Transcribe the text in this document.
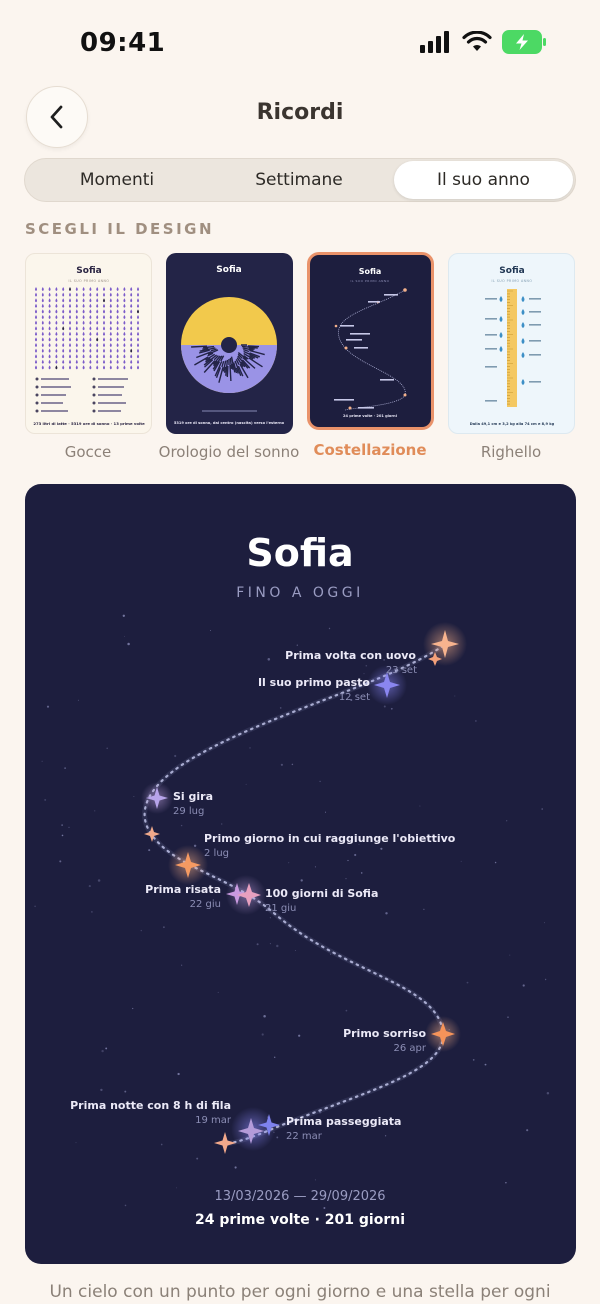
09:41
Ricordi
Momenti	Settimane	Il suo anno
SCEGLI IL DESIGN
Sofia
IL SUO PRIMO ANNO
273 litri di latte · 5319 ore di sonno · 13 prime volte
Sofia
5319 ore di sonno, dal centro (nascita) verso l'esterno
Sofia
IL SUO PRIMO ANNO
24 prime volte · 201 giorni
Sofia
IL SUO PRIMO ANNO
Dalla 49,1 cm e 3,2 kg alla 74 cm e 8,9 kg
Gocce	Orologio del sonno Costellazione	Righello
Sofia
FINO A OGGI
Prima volta con uovo
23 set
Il suo primo pasto
12 set
Si gira
29 lug
Primo giorno in cui raggiunge l'obiettivo
2 lug
Prima risata
22 giu
100 giorni di Sofia
21 giu
Primo sorriso
26 apr
Prima notte con 8 h di fila
19 mar	Prima passeggiata
22 mar
13/03/2026 — 29/09/2026
24 prime volte · 201 giorni
Un cielo con un punto per ogni giorno e una stella per ogni
